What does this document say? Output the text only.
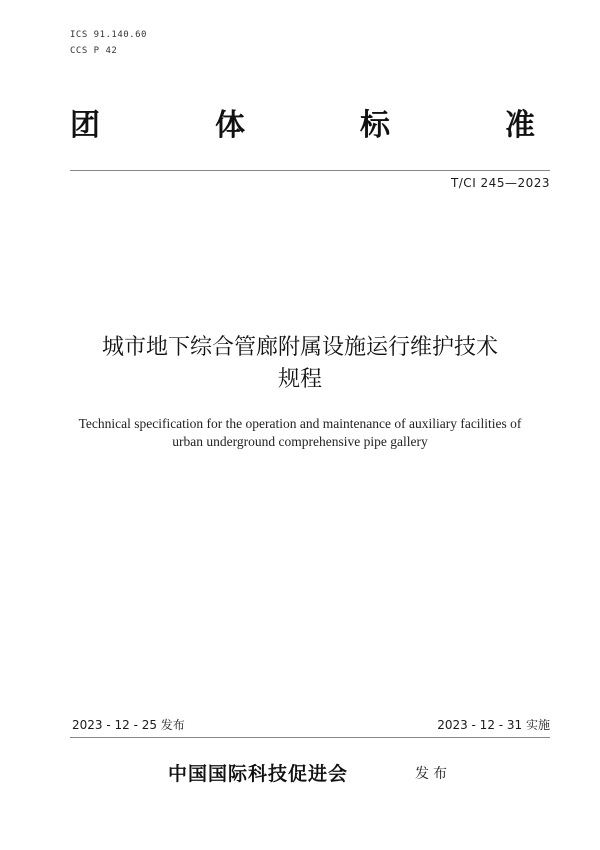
ICS 91.140.60
CCS P 42
团	体	标	准
T/CI 245—2023
城市地下综合管廊附属设施运行维护技术
规程
Technical specification for the operation and maintenance of auxiliary facilities of
urban underground comprehensive pipe gallery
2023 - 12 - 25 发布	2023 - 12 - 31 实施
中国国际科技促进会	发布
